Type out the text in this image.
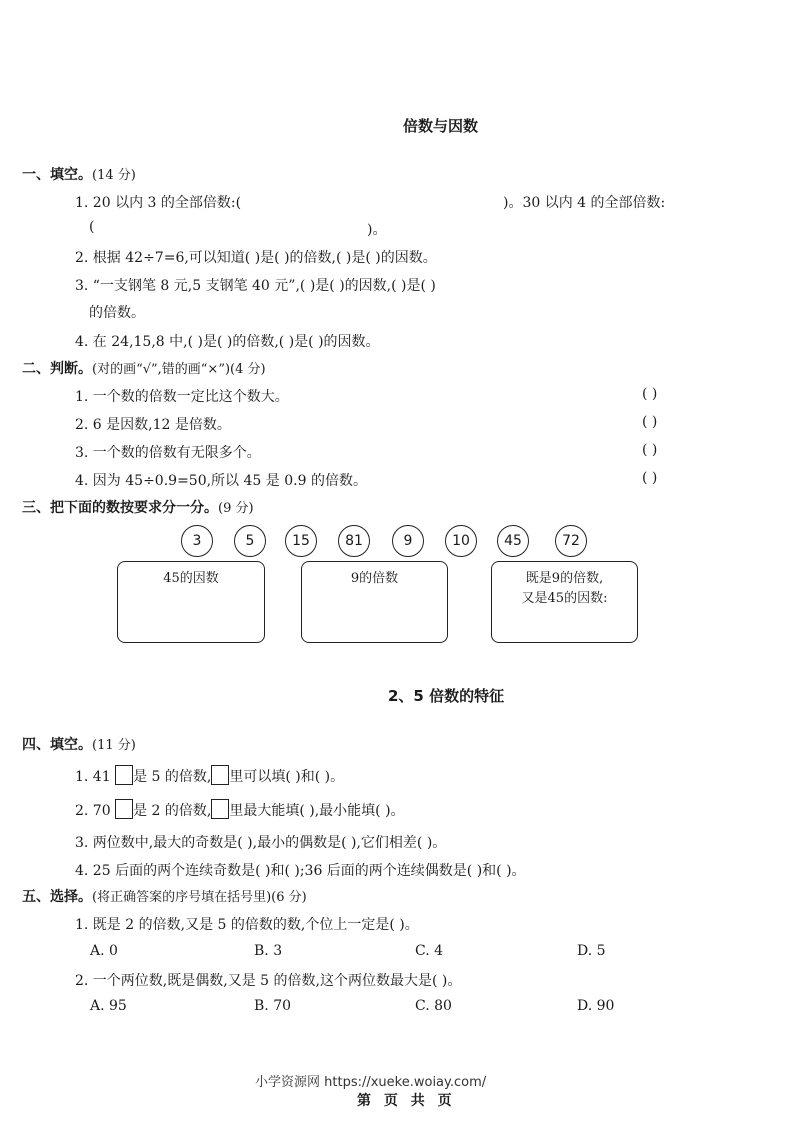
倍数与因数
一、填空。(14 分)
1. 20 以内 3 的全部倍数:(	)。30 以内 4 的全部倍数:
(	)。
2. 根据 42÷7=6,可以知道( )是( )的倍数,( )是( )的因数。
3. “一支钢笔 8 元,5 支钢笔 40 元”,( )是( )的因数,( )是( )
的倍数。
4. 在 24,15,8 中,( )是( )的倍数,( )是( )的因数。
二、判断。(对的画“√”,错的画“×”)(4 分)
1. 一个数的倍数一定比这个数大。	( )
2. 6 是因数,12 是倍数。	( )
3. 一个数的倍数有无限多个。	( )
4. 因为 45÷0.9=50,所以 45 是 0.9 的倍数。	( )
三、把下面的数按要求分一分。(9 分)
3	5	15	81	9	10	45	72
45的因数	9的倍数	既是9的倍数,
又是45的因数:
2、5 倍数的特征
四、填空。(11 分)
1. 41 是 5 的倍数, 里可以填( )和( )。
2. 70 是 2 的倍数, 里最大能填( ),最小能填( )。
3. 两位数中,最大的奇数是( ),最小的偶数是( ),它们相差( )。
4. 25 后面的两个连续奇数是( )和( );36 后面的两个连续偶数是( )和( )。
五、选择。(将正确答案的序号填在括号里)(6 分)
1. 既是 2 的倍数,又是 5 的倍数的数,个位上一定是( )。
A. 0	B. 3	C. 4	D. 5
2. 一个两位数,既是偶数,又是 5 的倍数,这个两位数最大是( )。
A. 95	B. 70	C. 80	D. 90
小学资源网 https://xueke.woiay.com/
第 页 共 页
